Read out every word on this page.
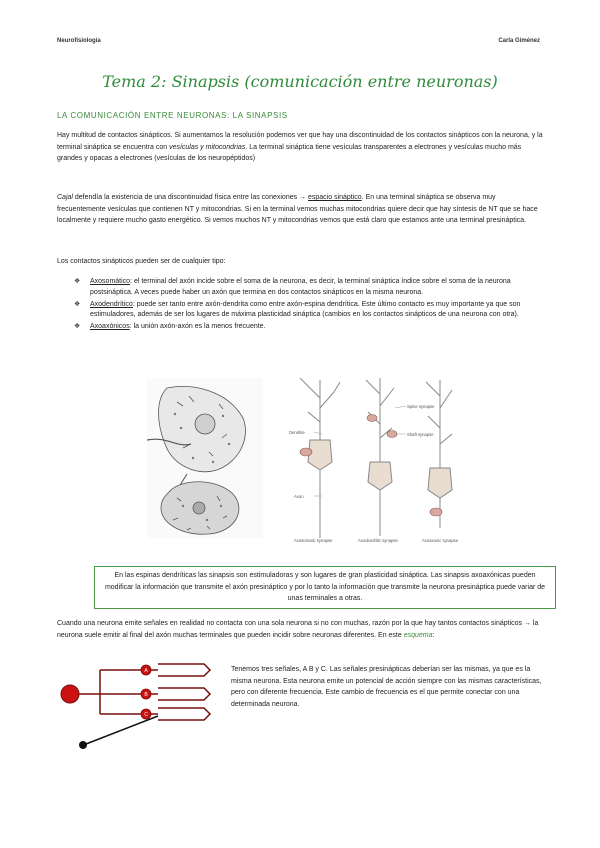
Neurofisiología	Carla Giménez
Tema 2: Sinapsis (comunicación entre neuronas)
LA COMUNICACIÓN ENTRE NEURONAS: LA SINAPSIS

Hay multitud de contactos sinápticos. Si aumentamos la resolución podemos ver que hay una discontinuidad de los contactos sinápticos con la neurona, y la terminal sináptica se encuentra con vesículas y mitocondrias. La terminal sináptica tiene vesículas transparentes a electrones y vesículas mucho más grandes y opacas a electrones (vesículas de los neuropéptidos)

Cajal defendía la existencia de una discontinuidad física entre las conexiones → espacio sináptico. En una terminal sináptica se observa muy frecuentemente vesículas que contienen NT y mitocondrias. Si en la terminal vemos muchas mitocondrias quiere decir que hay síntesis de NT que se hace localmente y requiere mucho gasto energético. Si vemos muchos NT y mitocondrias vemos que está claro que estamos ante una terminal presináptica.

Los contactos sinápticos pueden ser de cualquier tipo:

❖ Axosomático: el terminal del axón incide sobre el soma de la neurona, es decir, la terminal sináptica índice sobre el soma de la neurona postsináptica. A veces puede haber un axón que termina en dos contactos sinápticos en la misma neurona.
❖ Axodendrítico: puede ser tanto entre axón-dendrita como entre axón-espina dendrítica. Este último contacto es muy importante ya que son estimuladores, además de ser los lugares de máxima plasticidad sináptica (cambios en los contactos sinápticos de una neurona con otra).
❖ Axoaxónicos: la unión axón-axón es la menos frecuente.
Dendrite
Axon
Spine synapse
Shaft synapse
Axosomatic synapse	Axodendritic synapse	Axoaxonic synapse
En las espinas dendríticas las sinapsis son estimuladoras y son lugares de gran plasticidad sináptica. Las sinapsis axoaxónicas pueden modificar la información que transmite el axón presináptico y por lo tanto la información que transmite la neurona presináptica puede variar de unas terminales a otras.

Cuando una neurona emite señales en realidad no contacta con una sola neurona si no con muchas, razón por la que hay tantos contactos sinápticos → la neurona suele emitir al final del axón muchas terminales que pueden incidir sobre neuronas diferentes. En este esquema:

A
B
C

Tenemos tres señales, A B y C. Las señales presinápticas deberían ser las mismas, ya que es la misma neurona. Esta neurona emite un potencial de acción siempre con las mismas características, pero con diferente frecuencia. Este cambio de frecuencia es el que permite conectar con una determinada neurona.
